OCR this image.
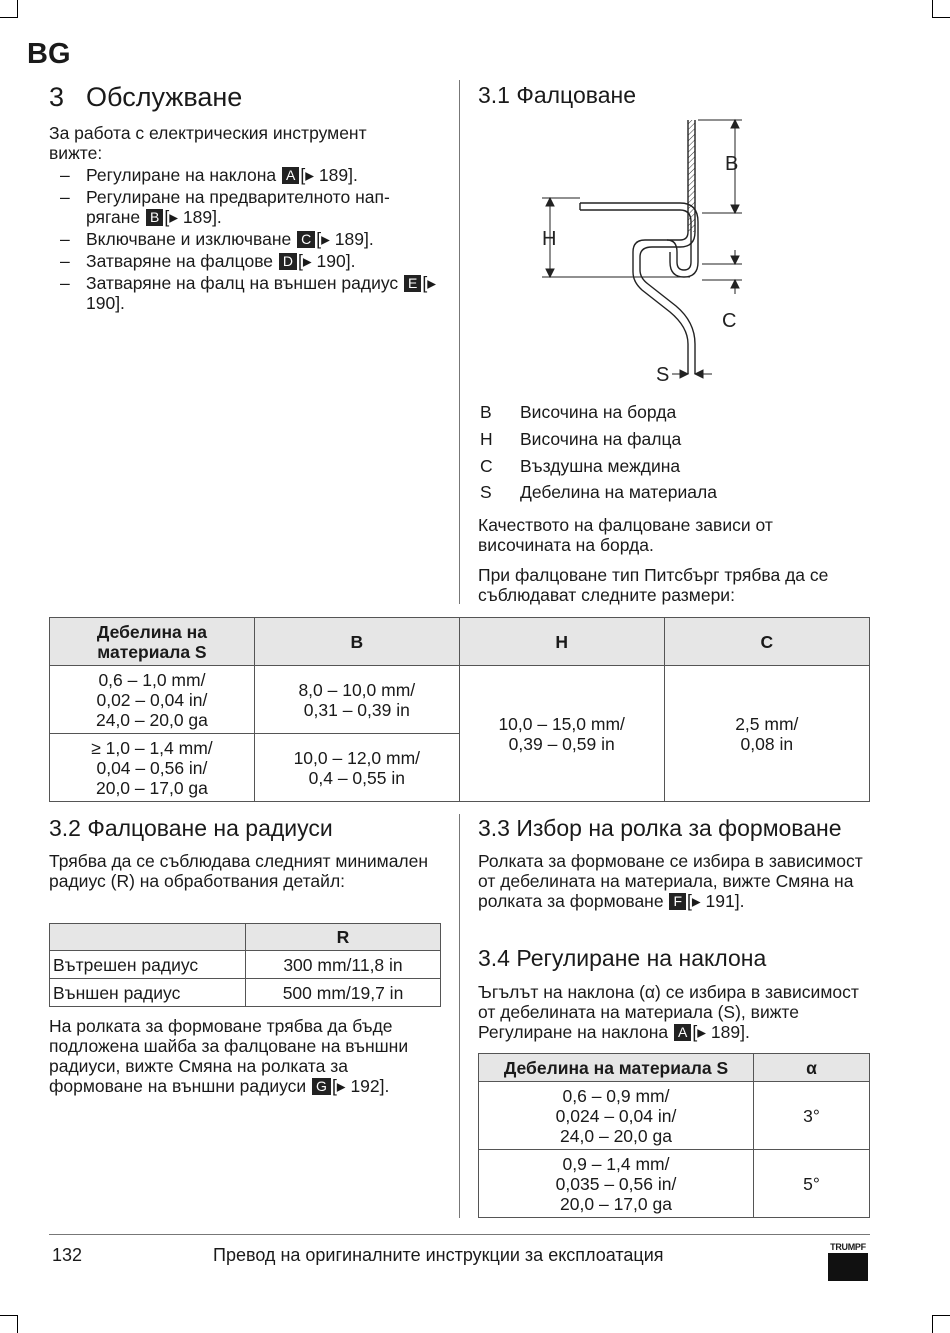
BG
3 Обслужване

За работа с електрическия инструмент вижте:

– Регулиране на наклона A [▸ 189].
– Регулиране на предварителното нап-рягане B [▸ 189].
– Включване и изключване C [▸ 189].
– Затваряне на фалцове D [▸ 190].
– Затваряне на фалц на външен радиус E [▸ 190].
3.1 Фалцоване
B
H
C
S
B	Височина на борда
H	Височина на фалца
C	Въздушна междина
S	Дебелина на материала

Качеството на фалцоване зависи от височината на борда.

При фалцоване тип Питсбърг трябва да се съблюдават следните размери:

Дебелина на материала S	B	H	C
0,6 – 1,0 mm/ 0,02 – 0,04 in/ 24,0 – 20,0 ga	8,0 – 10,0 mm/ 0,31 – 0,39 in	10,0 – 15,0 mm/ 0,39 – 0,59 in	2,5 mm/ 0,08 in
≥ 1,0 – 1,4 mm/ 0,04 – 0,56 in/ 20,0 – 17,0 ga	10,0 – 12,0 mm/ 0,4 – 0,55 in		
3.2 Фалцоване на радиуси

Трябва да се съблюдава следният минимален радиус (R) на обработвания детайл:

	R
Вътрешен радиус	300 mm/11,8 in
Външен радиус	500 mm/19,7 in

На ролката за формоване трябва да бъде подложена шайба за фалцоване на външни радиуси, вижте Смяна на ролката за формоване на външни радиуси G [▸ 192].

3.3 Избор на ролка за формоване

Ролката за формоване се избира в зависимост от дебелината на материала, вижте Смяна на ролката за формоване F [▸ 191].

3.4 Регулиране на наклона

Ъгълът на наклона (α) се избира в зависимост от дебелината на материала (S), вижте Регулиране на наклона A [▸ 189].

Дебелина на материала S	α
0,6 – 0,9 mm/ 0,024 – 0,04 in/ 24,0 – 20,0 ga	3°
0,9 – 1,4 mm/ 0,035 – 0,56 in/ 20,0 – 17,0 ga	5°
132	Превод на оригиналните инструкции за експлоатация	TRUMPF
